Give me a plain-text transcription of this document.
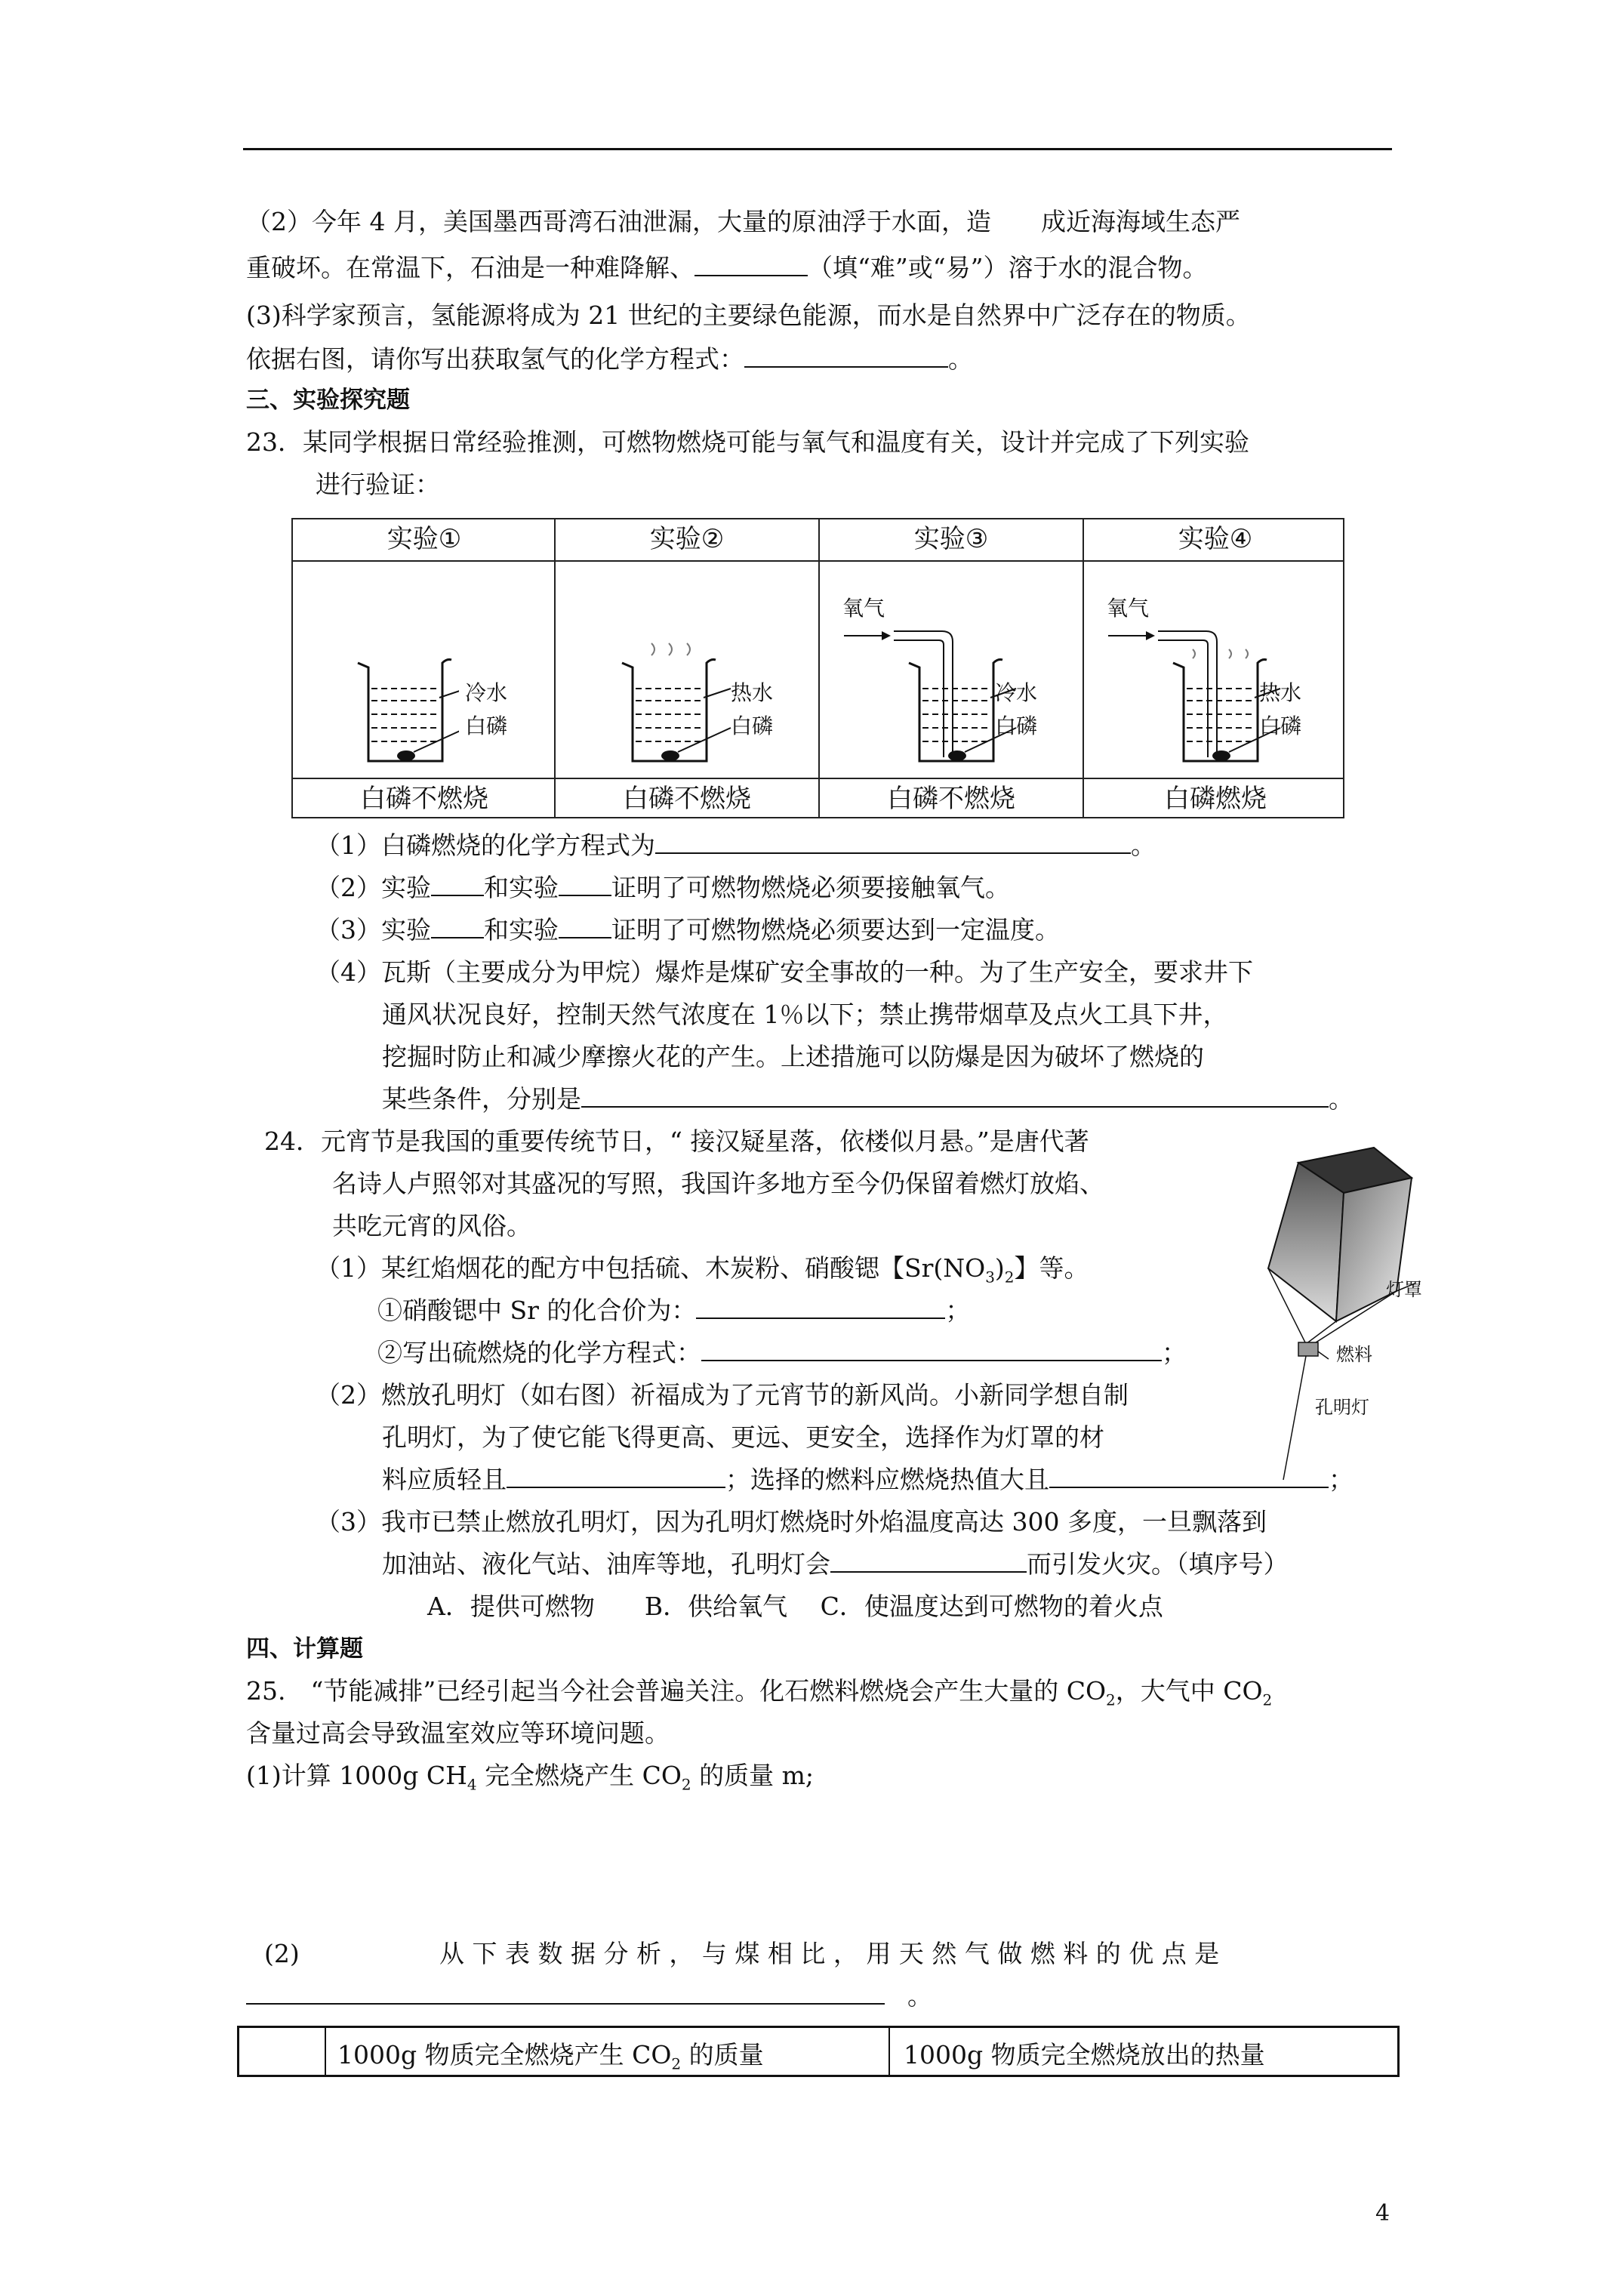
（2）今年 4 月，美国墨西哥湾石油泄漏，大量的原油浮于水面，造　　成近海海域生态严
重破坏。在常温下，石油是一种难降解、	（填“难”或“易”）溶于水的混合物。
(3)科学家预言，氢能源将成为 21 世纪的主要绿色能源，而水是自然界中广泛存在的物质。
依据右图，请你写出获取氢气的化学方程式：	。
三、实验探究题
23．某同学根据日常经验推测，可燃物燃烧可能与氧气和温度有关，设计并完成了下列实验
进行验证：
实验①	实验②	实验③	实验④
白磷不燃烧	白磷不燃烧	白磷不燃烧	白磷燃烧
冷水
白磷
热水
白磷
氧气
冷水
白磷
氧气
热水
白磷
（1）白磷燃烧的化学方程式为	。
（2）实验 和实验 证明了可燃物燃烧必须要接触氧气。
（3）实验 和实验 证明了可燃物燃烧必须要达到一定温度。
（4）瓦斯（主要成分为甲烷）爆炸是煤矿安全事故的一种。为了生产安全，要求井下
通风状况良好，控制天然气浓度在 1％以下；禁止携带烟草及点火工具下井，
挖掘时防止和减少摩擦火花的产生。上述措施可以防爆是因为破坏了燃烧的
某些条件，分别是	。
24．元宵节是我国的重要传统节日，“ 接汉疑星落，依楼似月悬。”是唐代著
名诗人卢照邻对其盛况的写照，我国许多地方至今仍保留着燃灯放焰、
共吃元宵的风俗。
灯罩
燃料
孔明灯
（1）某红焰烟花的配方中包括硫、木炭粉、硝酸锶【$Sr(NO_3)_2$】等。
①硝酸锶中 Sr 的化合价为：	；
②写出硫燃烧的化学方程式：	；
（2）燃放孔明灯（如右图）祈福成为了元宵节的新风尚。小新同学想自制
孔明灯，为了使它能飞得更高、更远、更安全，选择作为灯罩的材
料应质轻且	；选择的燃料应燃烧热值大且	；
（3）我市已禁止燃放孔明灯，因为孔明灯燃烧时外焰温度高达 300 多度，一旦飘落到
加油站、液化气站、油库等地，孔明灯会	而引发火灾。（填序号）
A．提供可燃物　　B．供给氧气　 C．使温度达到可燃物的着火点
四、计算题
25.　“节能减排”已经引起当今社会普遍关注。化石燃料燃烧会产生大量的 $CO_2$，大气中 $CO_2$
含量过高会导致温室效应等环境问题。
(1)计算 1000g $CH_4$ 完全燃烧产生 $CO_2$ 的质量 m;
(2)	从 下 表 数 据 分 析 ， 与 煤 相 比 ， 用 天 然 气 做 燃 料 的 优 点 是
。
1000g 物质完全燃烧产生 $CO_2$ 的质量	1000g 物质完全燃烧放出的热量
4
